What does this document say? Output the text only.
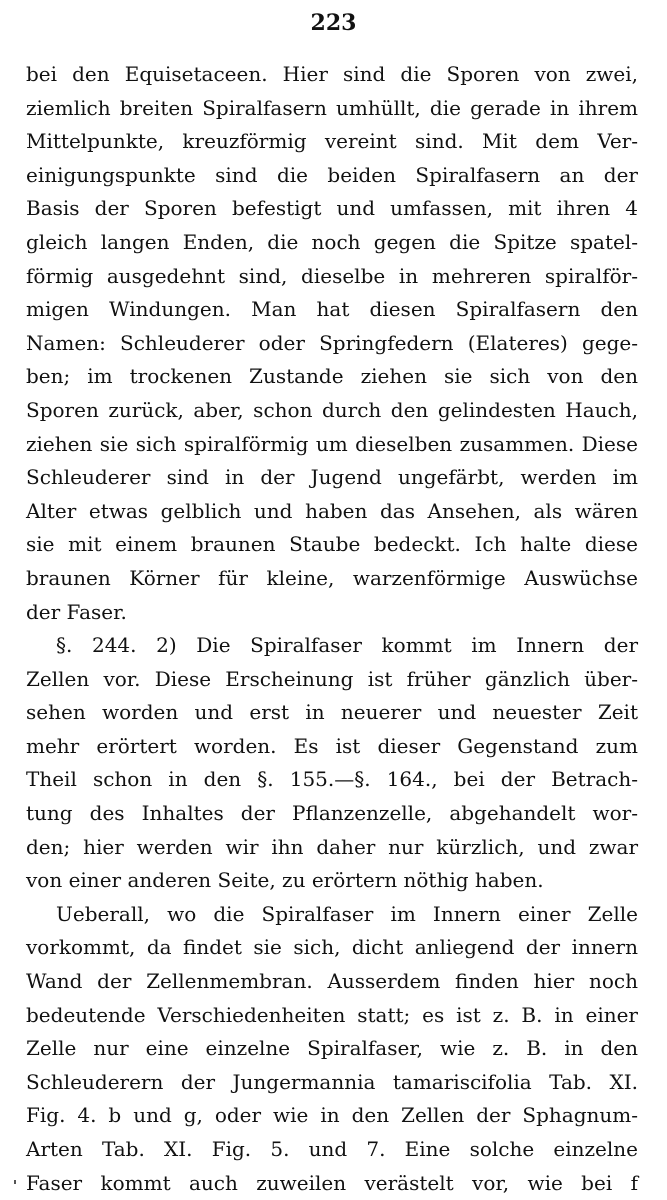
223
bei den Equisetaceen. Hier sind die Sporen von zwei,
ziemlich breiten Spiralfasern umhüllt, die gerade in ihrem
Mittelpunkte, kreuzförmig vereint sind. Mit dem Ver-
einigungspunkte sind die beiden Spiralfasern an der
Basis der Sporen befestigt und umfassen, mit ihren 4
gleich langen Enden, die noch gegen die Spitze spatel-
förmig ausgedehnt sind, dieselbe in mehreren spiralför-
migen Windungen. Man hat diesen Spiralfasern den
Namen: Schleuderer oder Springfedern (Elateres) gege-
ben; im trockenen Zustande ziehen sie sich von den
Sporen zurück, aber, schon durch den gelindesten Hauch,
ziehen sie sich spiralförmig um dieselben zusammen. Diese
Schleuderer sind in der Jugend ungefärbt, werden im
Alter etwas gelblich und haben das Ansehen, als wären
sie mit einem braunen Staube bedeckt. Ich halte diese
braunen Körner für kleine, warzenförmige Auswüchse
der Faser.
§. 244. 2) Die Spiralfaser kommt im Innern der
Zellen vor. Diese Erscheinung ist früher gänzlich über-
sehen worden und erst in neuerer und neuester Zeit
mehr erörtert worden. Es ist dieser Gegenstand zum
Theil schon in den §. 155.—§. 164., bei der Betrach-
tung des Inhaltes der Pflanzenzelle, abgehandelt wor-
den; hier werden wir ihn daher nur kürzlich, und zwar
von einer anderen Seite, zu erörtern nöthig haben.
Ueberall, wo die Spiralfaser im Innern einer Zelle
vorkommt, da findet sie sich, dicht anliegend der innern
Wand der Zellenmembran. Ausserdem finden hier noch
bedeutende Verschiedenheiten statt; es ist z. B. in einer
Zelle nur eine einzelne Spiralfaser, wie z. B. in den
Schleuderern der Jungermannia tamariscifolia Tab. XI.
Fig. 4. b und g, oder wie in den Zellen der Sphagnum-
Arten Tab. XI. Fig. 5. und 7. Eine solche einzelne
Faser kommt auch zuweilen verästelt vor, wie bei f
